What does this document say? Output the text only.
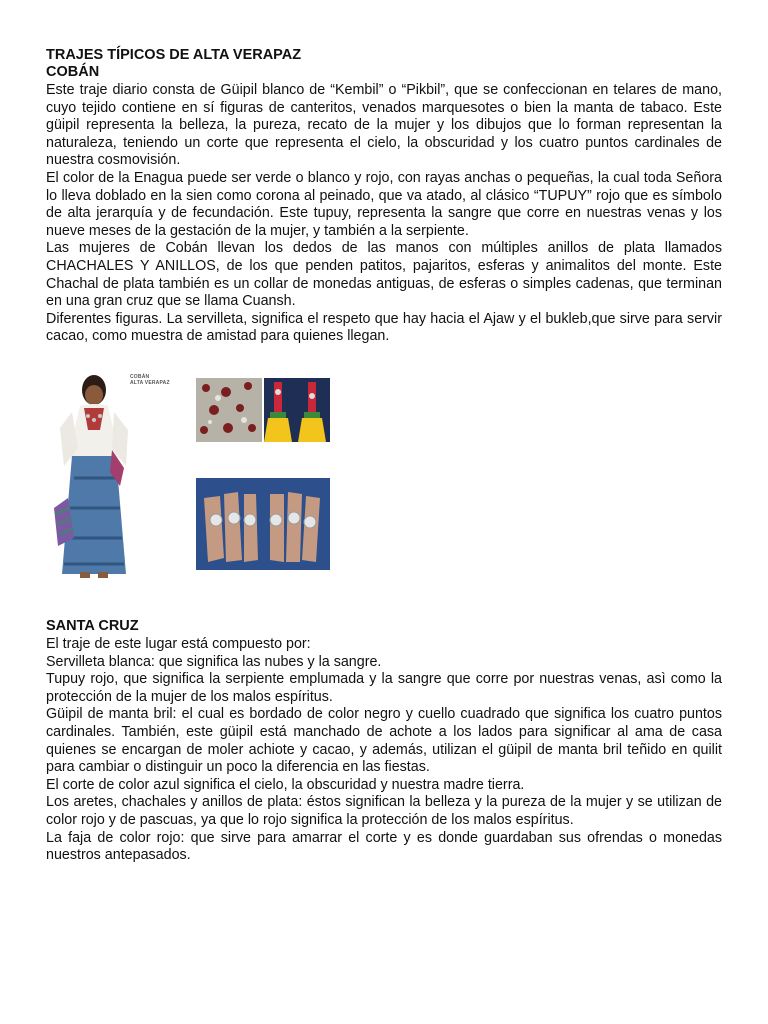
TRAJES TÍPICOS DE ALTA VERAPAZ
COBÁN

Este traje diario consta de Güipil blanco de “Kembil” o “Pikbil”, que se confeccionan en telares de mano, cuyo tejido contiene en sí figuras de canteritos, venados marquesotes o bien la manta de tabaco. Este güipil representa la belleza, la pureza, recato de la mujer y los dibujos que lo forman representan la naturaleza, teniendo un corte que representa el cielo, la obscuridad y los cuatro puntos cardinales de nuestra cosmovisión.

El color de la Enagua puede ser verde o blanco y rojo, con rayas anchas o pequeñas, la cual toda Señora lo lleva doblado en la sien como corona al peinado, que va atado, al clásico “TUPUY” rojo que es símbolo de alta jerarquía y de fecundación. Este tupuy, representa la sangre que corre en nuestras venas y los nueve meses de la gestación de la mujer, y también a la serpiente.

Las mujeres de Cobán llevan los dedos de las manos con múltiples anillos de plata llamados CHACHALES Y ANILLOS, de los que penden patitos, pajaritos, esferas y animalitos del monte. Este Chachal de plata también es un collar de monedas antiguas, de esferas o simples cadenas, que terminan en una gran cruz que se llama Cuansh.

Diferentes figuras. La servilleta, significa el respeto que hay hacia el Ajaw y el bukleb,que sirve para servir cacao, como muestra de amistad para quienes llegan.

COBÁN
ALTA VERAPAZ
SANTA CRUZ

El traje de este lugar está compuesto por:

Servilleta blanca: que significa las nubes y la sangre.

Tupuy rojo, que significa la serpiente emplumada y la sangre que corre por nuestras venas, asì como la protección de la mujer de los malos espíritus.

Güipil de manta bril: el cual es bordado de color negro y cuello cuadrado que significa los cuatro puntos cardinales. También, este güipil está manchado de achote a los lados para significar al ama de casa quienes se encargan de moler achiote y cacao, y además, utilizan el güipil de manta bril teñido en quilit para cambiar o distinguir un poco la diferencia en las fiestas.

El corte de color azul significa el cielo, la obscuridad y nuestra madre tierra.

Los aretes, chachales y anillos de plata: éstos significan la belleza y la pureza de la mujer y se utilizan de color rojo y de pascuas, ya que lo rojo significa la protección de los malos espíritus.

La faja de color rojo: que sirve para amarrar el corte y es donde guardaban sus ofrendas o monedas nuestros antepasados.
